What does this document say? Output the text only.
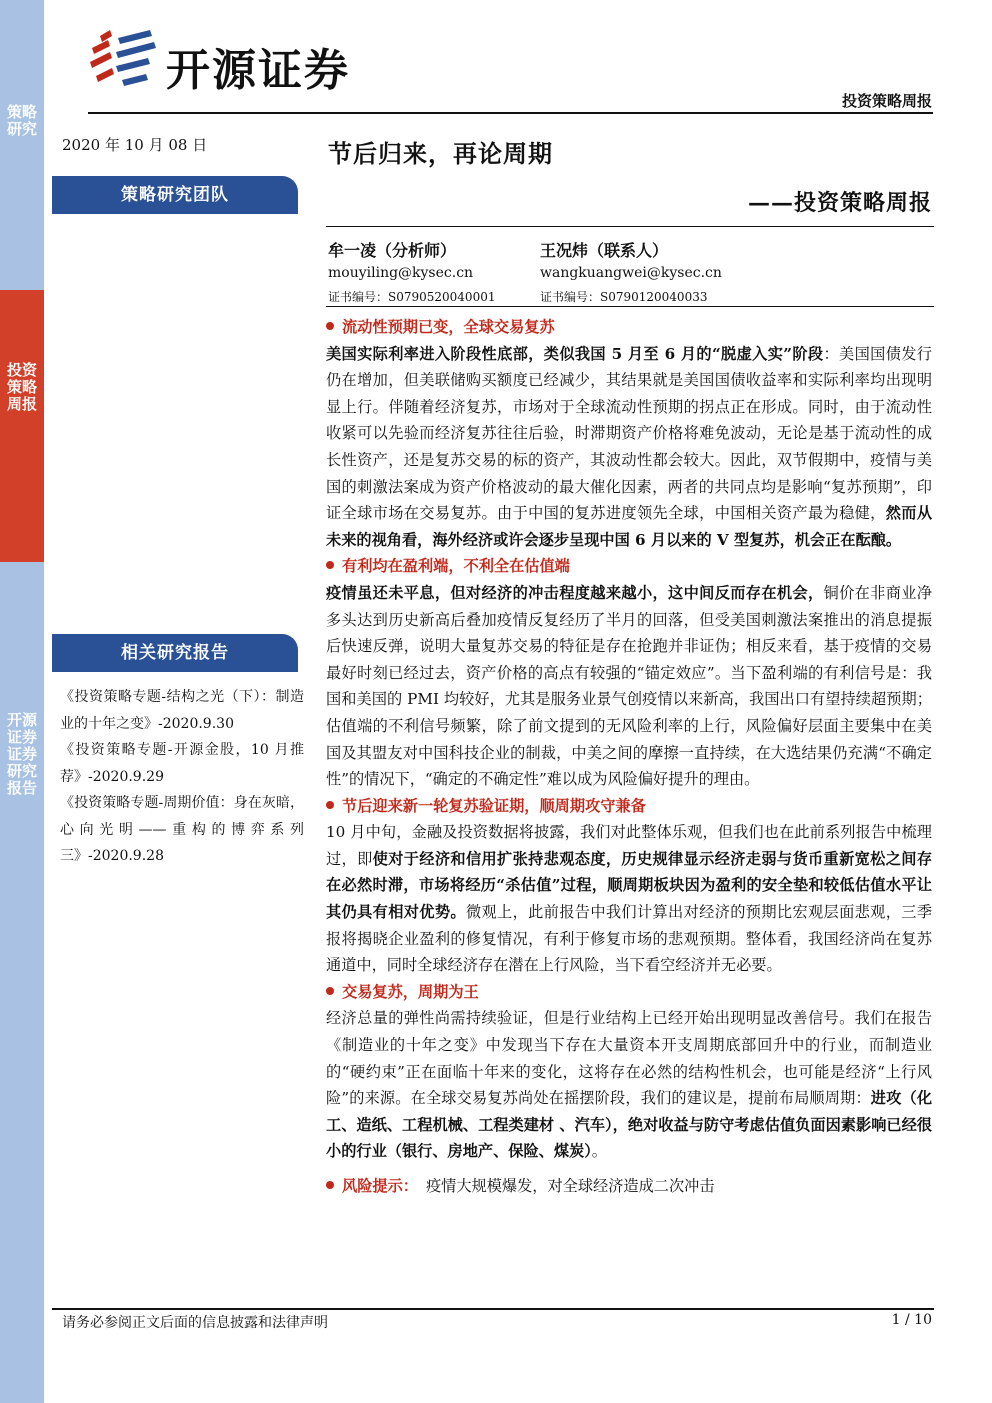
策略研究
投资策略周报
开源证券 证券研究报告
开源证券
投资策略周报
2020 年 10 月 08 日
策略研究团队
相关研究报告
《投资策略专题-结构之光（下）：制造业的十年之变》-2020.9.30
《投资策略专题-开源金股，10 月推荐》-2020.9.29
《投资策略专题-周期价值：身在灰暗，心向光明——重构的博弈系列三》-2020.9.28
节后归来，再论周期
——投资策略周报
牟一凌（分析师）
mouyiling@kysec.cn
证书编号：S0790520040001
王况炜（联系人）
wangkuangwei@kysec.cn
证书编号：S0790120040033
流动性预期已变，全球交易复苏

美国实际利率进入阶段性底部，类似我国 5 月至 6 月的“脱虚入实”阶段：美国国债发行仍在增加，但美联储购买额度已经减少，其结果就是美国国债收益率和实际利率均出现明显上行。伴随着经济复苏，市场对于全球流动性预期的拐点正在形成。同时，由于流动性收紧可以先验而经济复苏往往后验，时滞期资产价格将难免波动，无论是基于流动性的成长性资产，还是复苏交易的标的资产，其波动性都会较大。因此，双节假期中，疫情与美国的刺激法案成为资产价格波动的最大催化因素，两者的共同点均是影响“复苏预期”，印证全球市场在交易复苏。由于中国的复苏进度领先全球，中国相关资产最为稳健，然而从未来的视角看，海外经济或许会逐步呈现中国 6 月以来的 V 型复苏，机会正在酝酿。

有利均在盈利端，不利全在估值端

疫情虽还未平息，但对经济的冲击程度越来越小，这中间反而存在机会，铜价在非商业净多头达到历史新高后叠加疫情反复经历了半月的回落，但受美国刺激法案推出的消息提振后快速反弹，说明大量复苏交易的特征是存在抢跑并非证伪；相反来看，基于疫情的交易最好时刻已经过去，资产价格的高点有较强的“锚定效应”。当下盈利端的有利信号是：我国和美国的 PMI 均较好，尤其是服务业景气创疫情以来新高，我国出口有望持续超预期；估值端的不利信号频繁，除了前文提到的无风险利率的上行，风险偏好层面主要集中在美国及其盟友对中国科技企业的制裁，中美之间的摩擦一直持续，在大选结果仍充满“不确定性”的情况下，“确定的不确定性”难以成为风险偏好提升的理由。

节后迎来新一轮复苏验证期，顺周期攻守兼备

10 月中旬，金融及投资数据将披露，我们对此整体乐观，但我们也在此前系列报告中梳理过，即使对于经济和信用扩张持悲观态度，历史规律显示经济走弱与货币重新宽松之间存在必然时滞，市场将经历“杀估值”过程，顺周期板块因为盈利的安全垫和较低估值水平让其仍具有相对优势。微观上，此前报告中我们计算出对经济的预期比宏观层面悲观，三季报将揭晓企业盈利的修复情况，有利于修复市场的悲观预期。整体看，我国经济尚在复苏通道中，同时全球经济存在潜在上行风险，当下看空经济并无必要。

交易复苏，周期为王

经济总量的弹性尚需持续验证，但是行业结构上已经开始出现明显改善信号。我们在报告《制造业的十年之变》中发现当下存在大量资本开支周期底部回升中的行业，而制造业的“硬约束”正在面临十年来的变化，这将存在必然的结构性机会，也可能是经济“上行风险”的来源。在全球交易复苏尚处在摇摆阶段，我们的建议是，提前布局顺周期：进攻（化工、造纸、工程机械、工程类建材 、汽车），绝对收益与防守考虑估值负面因素影响已经很小的行业（银行、房地产、保险、煤炭）。

风险提示： 疫情大规模爆发，对全球经济造成二次冲击
请务必参阅正文后面的信息披露和法律声明	1 / 10
